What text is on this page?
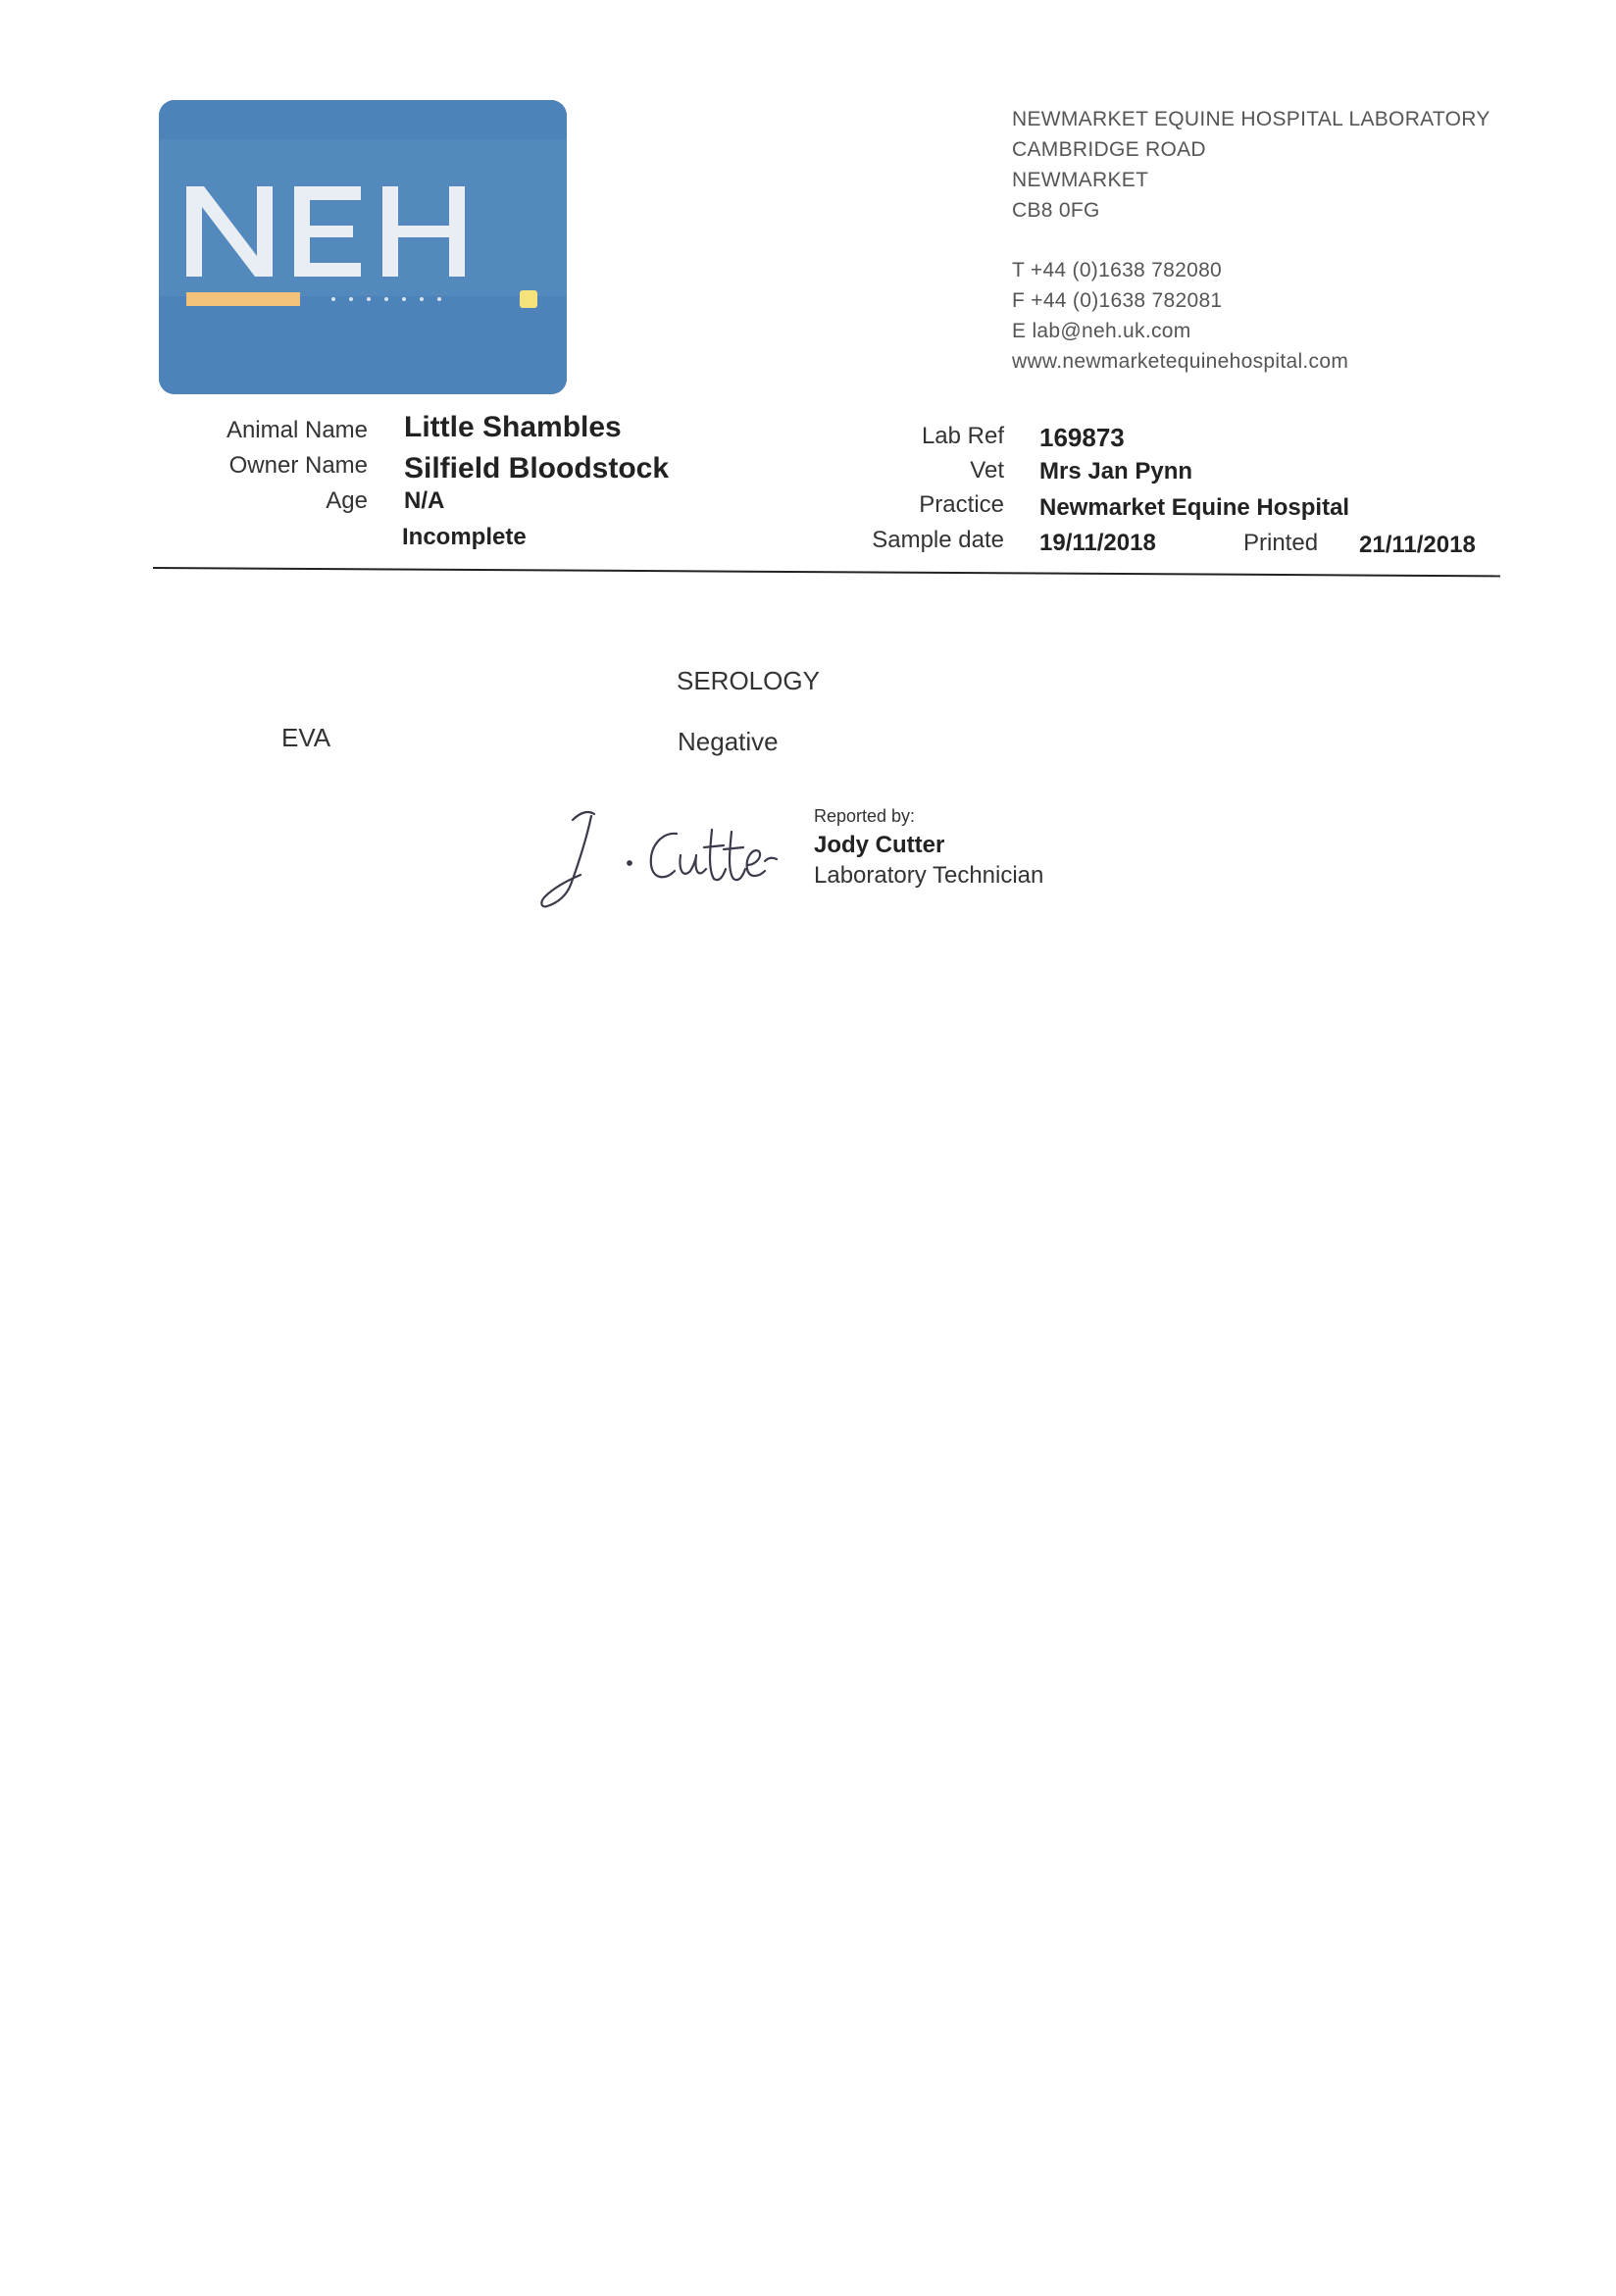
NEWMARKET EQUINE HOSPITAL LABORATORY
CAMBRIDGE ROAD
NEWMARKET
CB8 0FG
T +44 (0)1638 782080
F +44 (0)1638 782081
E lab@neh.uk.com
www.newmarketequinehospital.com
Animal Name Little Shambles
Owner Name Silfield Bloodstock
Age N/A
Incomplete
Lab Ref 169873
Vet Mrs Jan Pynn
Practice Newmarket Equine Hospital
Sample date 19/11/2018	Printed 21/11/2018
SEROLOGY
EVA	Negative
Reported by:
Jody Cutter
Laboratory Technician
